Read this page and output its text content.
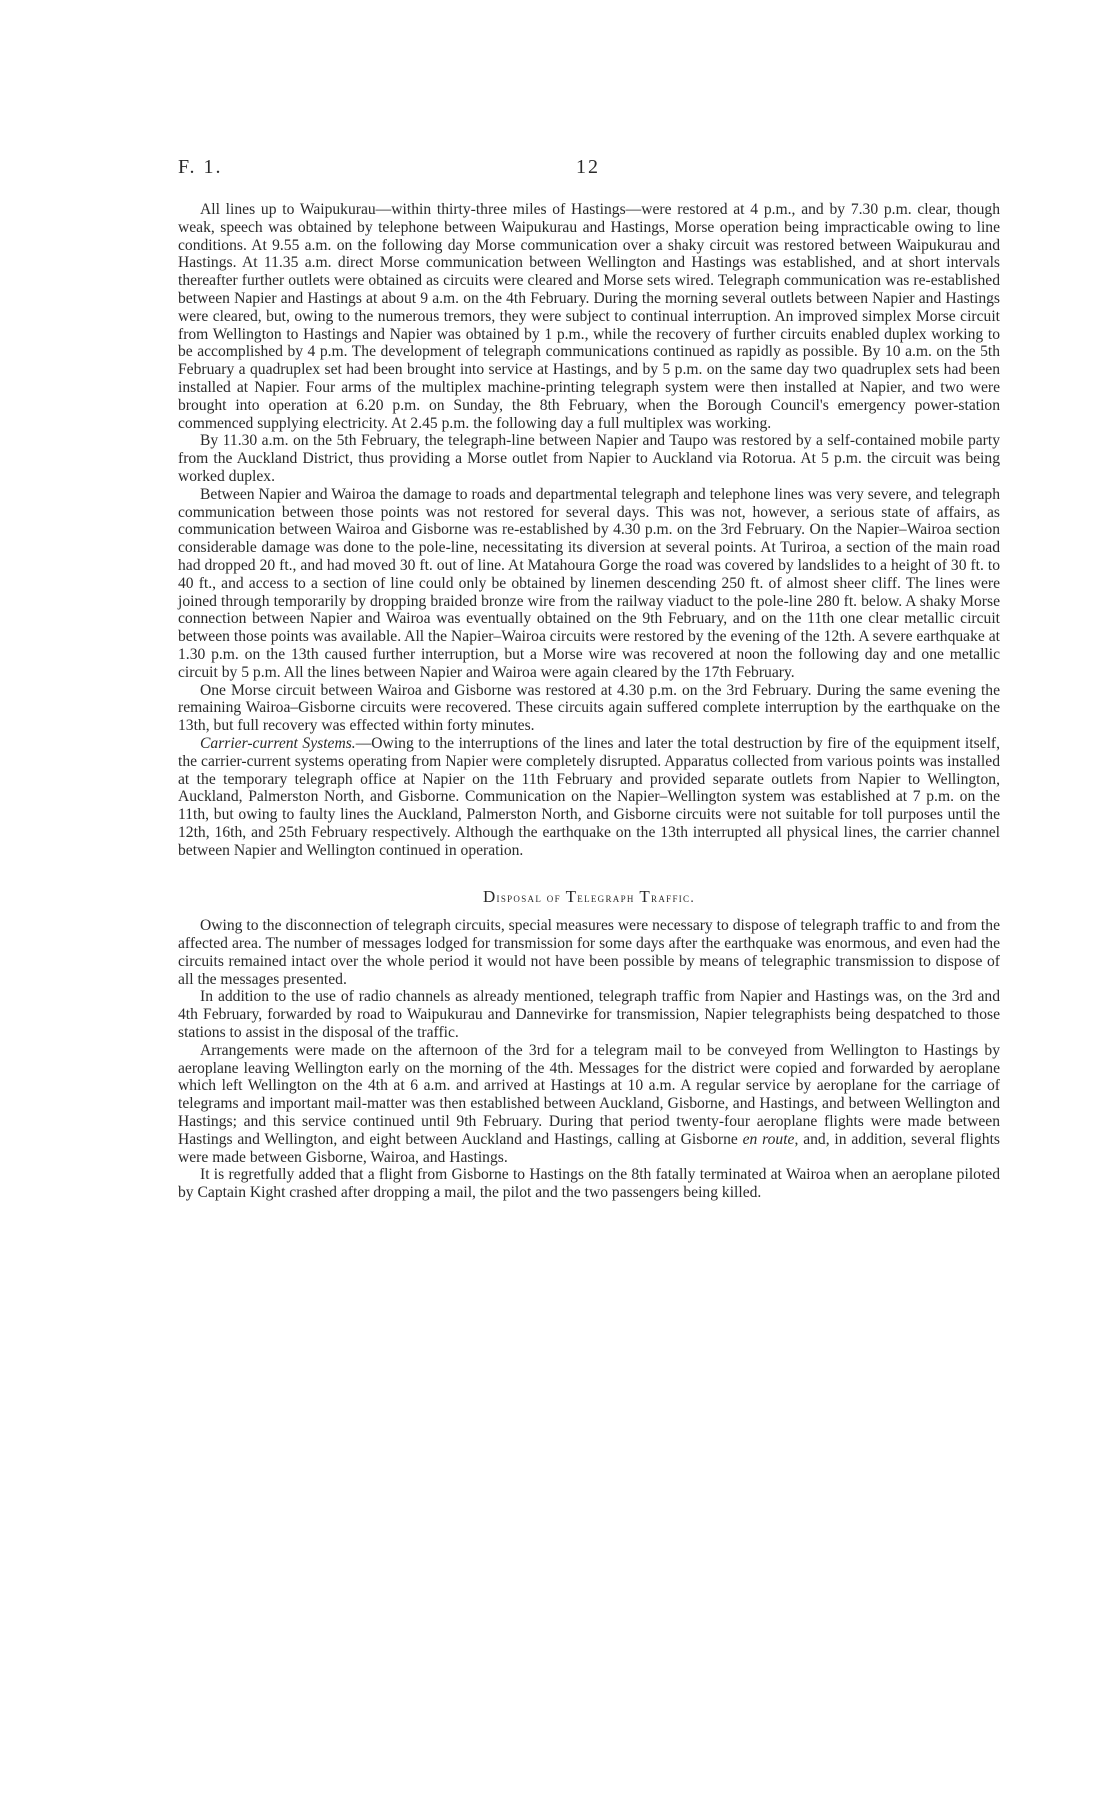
F. 1.	12

All lines up to Waipukurau—within thirty-three miles of Hastings—were restored at 4 p.m., and by 7.30 p.m. clear, though weak, speech was obtained by telephone between Waipukurau and Hastings, Morse operation being impracticable owing to line conditions. At 9.55 a.m. on the following day Morse communication over a shaky circuit was restored between Waipukurau and Hastings. At 11.35 a.m. direct Morse communication between Wellington and Hastings was established, and at short intervals thereafter further outlets were obtained as circuits were cleared and Morse sets wired. Telegraph communication was re-established between Napier and Hastings at about 9 a.m. on the 4th February. During the morning several outlets between Napier and Hastings were cleared, but, owing to the numerous tremors, they were subject to continual interruption. An improved simplex Morse circuit from Wellington to Hastings and Napier was obtained by 1 p.m., while the recovery of further circuits enabled duplex working to be accomplished by 4 p.m. The development of telegraph communications continued as rapidly as possible. By 10 a.m. on the 5th February a quadruplex set had been brought into service at Hastings, and by 5 p.m. on the same day two quadruplex sets had been installed at Napier. Four arms of the multiplex machine-printing telegraph system were then installed at Napier, and two were brought into operation at 6.20 p.m. on Sunday, the 8th February, when the Borough Council's emergency power-station commenced supplying electricity. At 2.45 p.m. the following day a full multiplex was working.

By 11.30 a.m. on the 5th February, the telegraph-line between Napier and Taupo was restored by a self-contained mobile party from the Auckland District, thus providing a Morse outlet from Napier to Auckland via Rotorua. At 5 p.m. the circuit was being worked duplex.

Between Napier and Wairoa the damage to roads and departmental telegraph and telephone lines was very severe, and telegraph communication between those points was not restored for several days. This was not, however, a serious state of affairs, as communication between Wairoa and Gisborne was re-established by 4.30 p.m. on the 3rd February. On the Napier–Wairoa section considerable damage was done to the pole-line, necessitating its diversion at several points. At Turiroa, a section of the main road had dropped 20 ft., and had moved 30 ft. out of line. At Matahoura Gorge the road was covered by landslides to a height of 30 ft. to 40 ft., and access to a section of line could only be obtained by linemen descending 250 ft. of almost sheer cliff. The lines were joined through temporarily by dropping braided bronze wire from the railway viaduct to the pole-line 280 ft. below. A shaky Morse connection between Napier and Wairoa was eventually obtained on the 9th February, and on the 11th one clear metallic circuit between those points was available. All the Napier–Wairoa circuits were restored by the evening of the 12th. A severe earthquake at 1.30 p.m. on the 13th caused further interruption, but a Morse wire was recovered at noon the following day and one metallic circuit by 5 p.m. All the lines between Napier and Wairoa were again cleared by the 17th February.

One Morse circuit between Wairoa and Gisborne was restored at 4.30 p.m. on the 3rd February. During the same evening the remaining Wairoa–Gisborne circuits were recovered. These circuits again suffered complete interruption by the earthquake on the 13th, but full recovery was effected within forty minutes.

Carrier-current Systems.—Owing to the interruptions of the lines and later the total destruction by fire of the equipment itself, the carrier-current systems operating from Napier were completely disrupted. Apparatus collected from various points was installed at the temporary telegraph office at Napier on the 11th February and provided separate outlets from Napier to Wellington, Auckland, Palmerston North, and Gisborne. Communication on the Napier–Wellington system was established at 7 p.m. on the 11th, but owing to faulty lines the Auckland, Palmerston North, and Gisborne circuits were not suitable for toll purposes until the 12th, 16th, and 25th February respectively. Although the earthquake on the 13th interrupted all physical lines, the carrier channel between Napier and Wellington continued in operation.

Disposal of Telegraph Traffic.

Owing to the disconnection of telegraph circuits, special measures were necessary to dispose of telegraph traffic to and from the affected area. The number of messages lodged for transmission for some days after the earthquake was enormous, and even had the circuits remained intact over the whole period it would not have been possible by means of telegraphic transmission to dispose of all the messages presented.

In addition to the use of radio channels as already mentioned, telegraph traffic from Napier and Hastings was, on the 3rd and 4th February, forwarded by road to Waipukurau and Dannevirke for transmission, Napier telegraphists being despatched to those stations to assist in the disposal of the traffic.

Arrangements were made on the afternoon of the 3rd for a telegram mail to be conveyed from Wellington to Hastings by aeroplane leaving Wellington early on the morning of the 4th. Messages for the district were copied and forwarded by aeroplane which left Wellington on the 4th at 6 a.m. and arrived at Hastings at 10 a.m. A regular service by aeroplane for the carriage of telegrams and important mail-matter was then established between Auckland, Gisborne, and Hastings, and between Wellington and Hastings; and this service continued until 9th February. During that period twenty-four aeroplane flights were made between Hastings and Wellington, and eight between Auckland and Hastings, calling at Gisborne en route, and, in addition, several flights were made between Gisborne, Wairoa, and Hastings.

It is regretfully added that a flight from Gisborne to Hastings on the 8th fatally terminated at Wairoa when an aeroplane piloted by Captain Kight crashed after dropping a mail, the pilot and the two passengers being killed.
